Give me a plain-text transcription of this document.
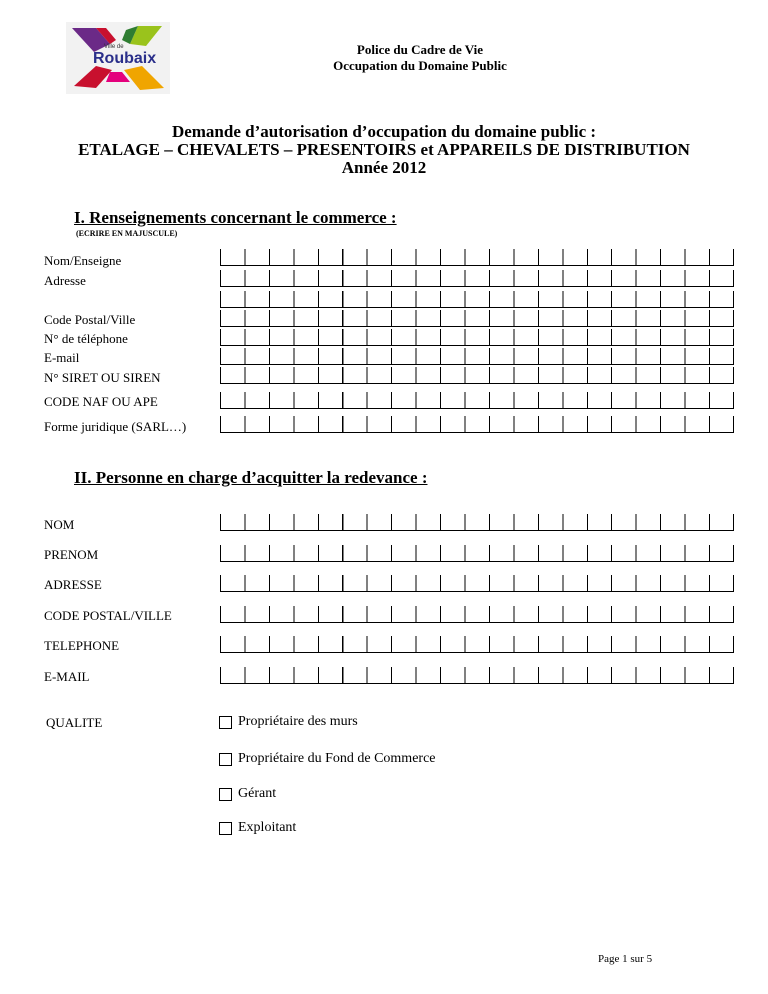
Ville de
Roubaix
Police du Cadre de Vie
Occupation du Domaine Public
Demande d’autorisation d’occupation du domaine public :
ETALAGE – CHEVALETS – PRESENTOIRS et APPAREILS DE DISTRIBUTION
Année 2012
I. Renseignements concernant le commerce :
(ECRIRE EN MAJUSCULE)
Nom/Enseigne
Adresse
Code Postal/Ville
N° de téléphone
E-mail
N° SIRET OU SIREN
CODE NAF OU APE
Forme juridique (SARL…)
II. Personne en charge d’acquitter la redevance :
NOM
PRENOM
ADRESSE
CODE POSTAL/VILLE
TELEPHONE
E-MAIL
QUALITE	Propriétaire des murs
Propriétaire du Fond de Commerce
Gérant
Exploitant
Page 1 sur 5
